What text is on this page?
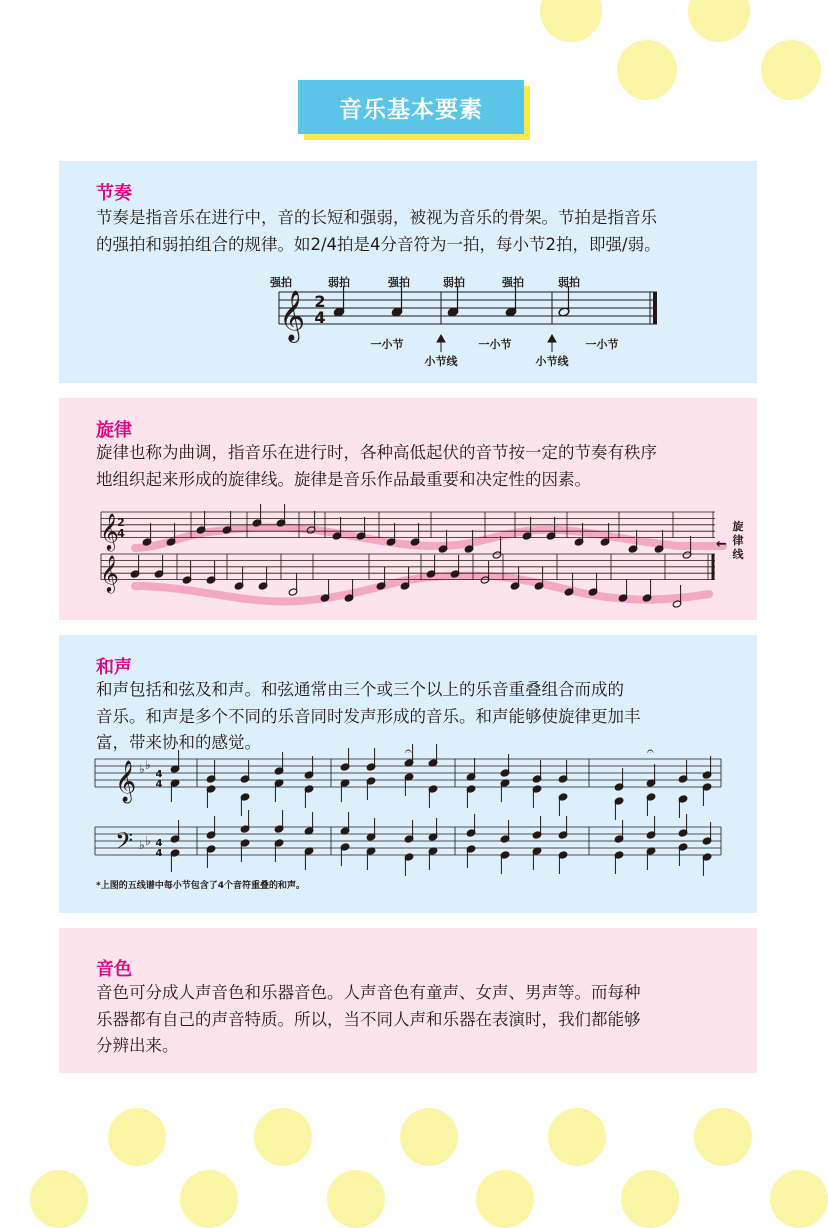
音乐基本要素
节奏

节奏是指音乐在进行中，音的长短和强弱，被视为音乐的骨架。节拍是指音乐

的强拍和弱拍组合的规律。如2/4拍是4分音符为一拍，每小节2拍，即强/弱。

强拍	弱拍	强拍	弱拍	强拍	弱拍
𝄞 2
4
一小节	一小节	一小节
小节线	小节线
旋律

旋律也称为曲调，指音乐在进行时，各种高低起伏的音节按一定的节奏有秩序

地组织起来形成的旋律线。旋律是音乐作品最重要和决定性的因素。

𝄞
𝄞
2
4
←
旋
律
线
和声

和声包括和弦及和声。和弦通常由三个或三个以上的乐音重叠组合而成的

音乐。和声是多个不同的乐音同时发声形成的音乐。和声能够使旋律更加丰

富，带来协和的感觉。

𝄞
𝄢
♭ ♭
♭ ♭
𝄐	𝄐
4
4
4
4
*上图的五线谱中每小节包含了4个音符重叠的和声。
音色

音色可分成人声音色和乐器音色。人声音色有童声、女声、男声等。而每种

乐器都有自己的声音特质。所以，当不同人声和乐器在表演时，我们都能够

分辨出来。
